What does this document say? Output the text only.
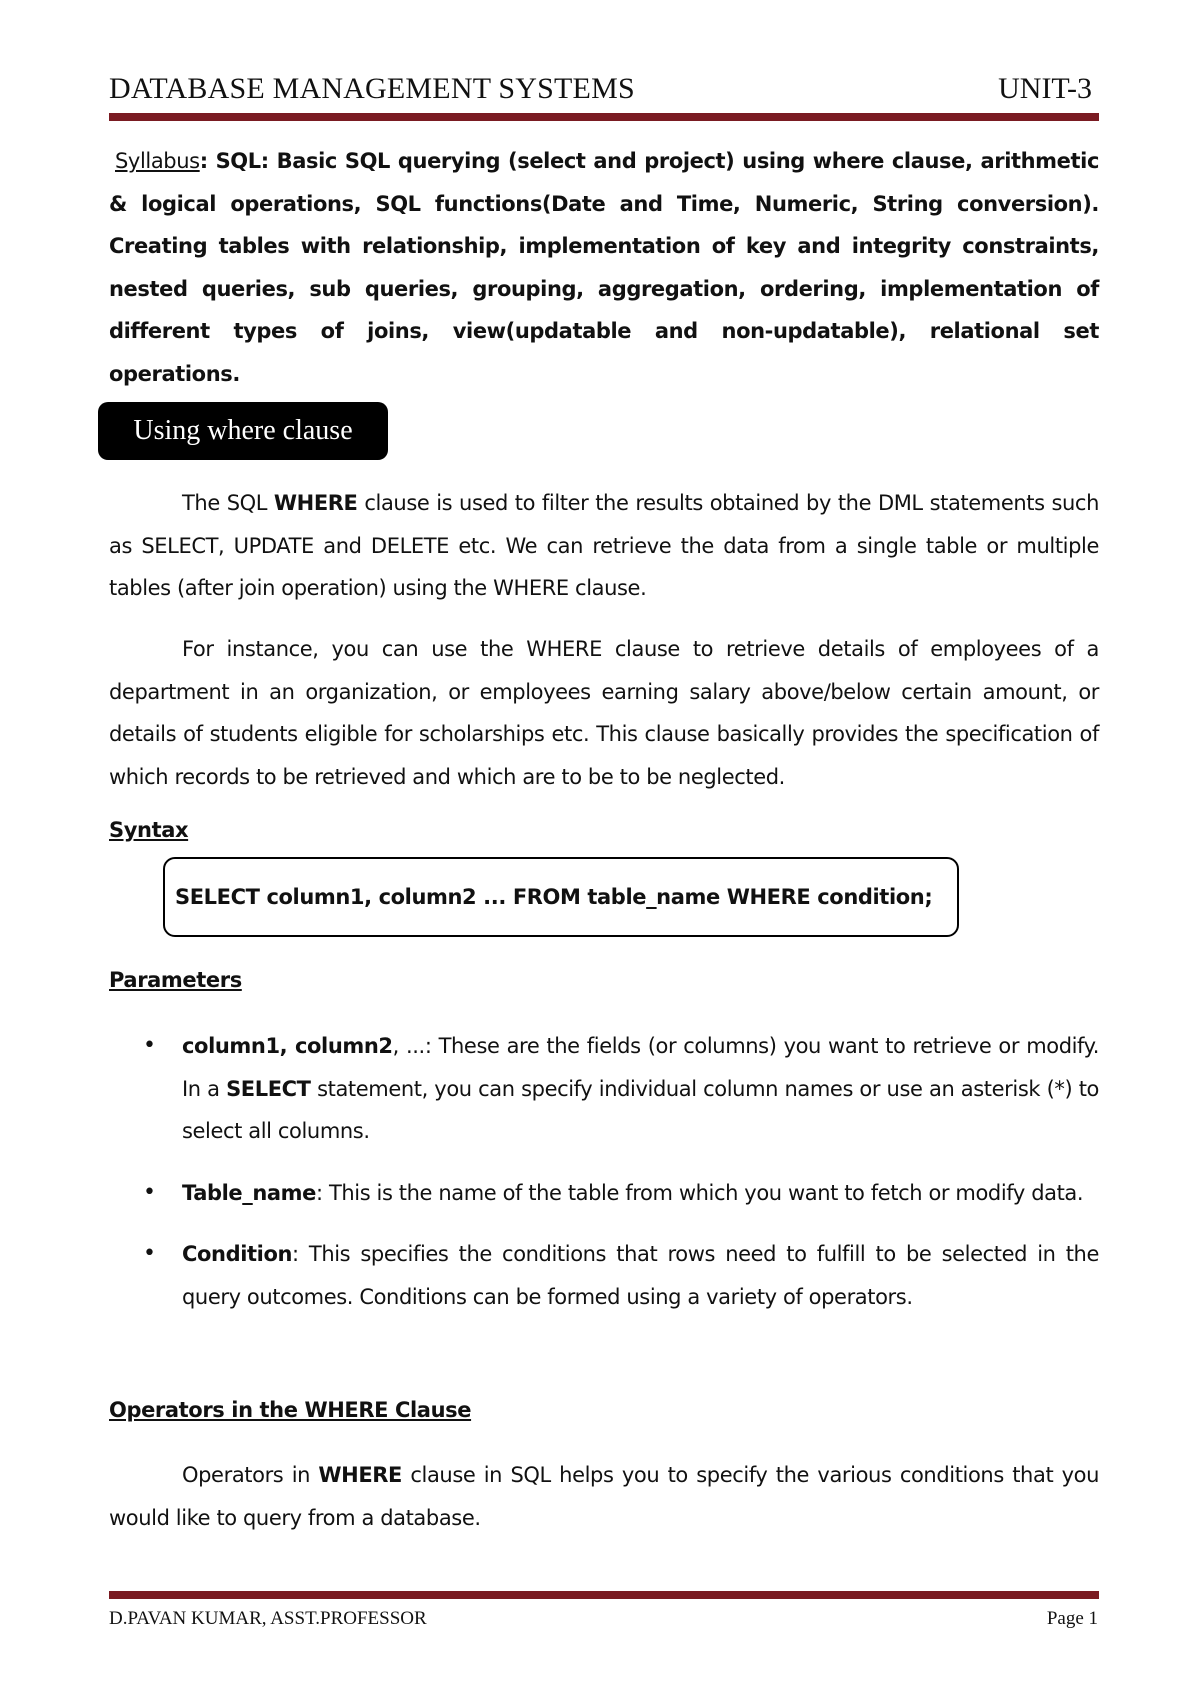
DATABASE MANAGEMENT SYSTEMS	UNIT-3
Syllabus: SQL: Basic SQL querying (select and project) using where clause, arithmetic & logical operations, SQL functions(Date and Time, Numeric, String conversion). Creating tables with relationship, implementation of key and integrity constraints, nested queries, sub queries, grouping, aggregation, ordering, implementation of different types of joins, view(updatable and non-updatable), relational set operations.
Using where clause
The SQL WHERE clause is used to filter the results obtained by the DML statements such as SELECT, UPDATE and DELETE etc. We can retrieve the data from a single table or multiple tables (after join operation) using the WHERE clause.
For instance, you can use the WHERE clause to retrieve details of employees of a department in an organization, or employees earning salary above/below certain amount, or details of students eligible for scholarships etc. This clause basically provides the specification of which records to be retrieved and which are to be to be neglected.
Syntax
SELECT column1, column2 ... FROM table_name WHERE condition;
Parameters
• column1, column2, ...: These are the fields (or columns) you want to retrieve or modify. In a SELECT statement, you can specify individual column names or use an asterisk (*) to select all columns.
• Table_name: This is the name of the table from which you want to fetch or modify data.
• Condition: This specifies the conditions that rows need to fulfill to be selected in the query outcomes. Conditions can be formed using a variety of operators.
Operators in the WHERE Clause
Operators in WHERE clause in SQL helps you to specify the various conditions that you would like to query from a database.
D.PAVAN KUMAR, ASST.PROFESSOR	Page 1
